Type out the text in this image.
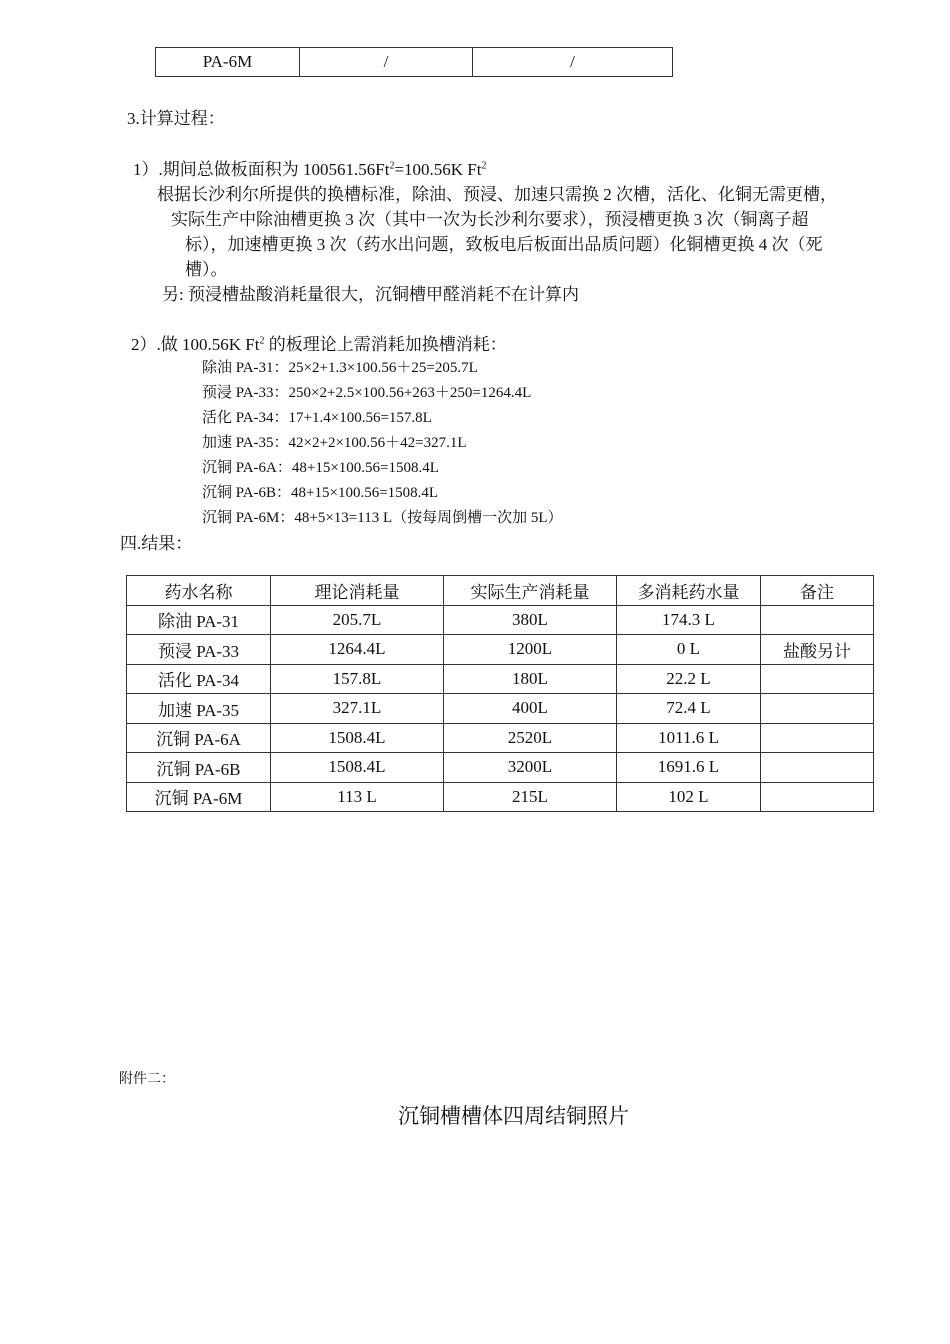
PA-6M	/	/
3.计算过程：
1）.期间总做板面积为 $100561.56Ft^2=100.56K$ Ft$^2$
根据长沙利尔所提供的换槽标准，除油、预浸、加速只需换 2 次槽，活化、化铜无需更槽，
实际生产中除油槽更换 3 次（其中一次为长沙利尔要求），预浸槽更换 3 次（铜离子超
标），加速槽更换 3 次（药水出问题，致板电后板面出品质问题）化铜槽更换 4 次（死
槽）。
另: 预浸槽盐酸消耗量很大，沉铜槽甲醛消耗不在计算内
2）.做 100.56K Ft$^2$ 的板理论上需消耗加换槽消耗：
除油 PA-31：25×2+1.3×100.56＋25=205.7L
预浸 PA-33：250×2+2.5×100.56+263＋250=1264.4L
活化 PA-34：17+1.4×100.56=157.8L
加速 PA-35：42×2+2×100.56＋42=327.1L
沉铜 PA-6A：48+15×100.56=1508.4L
沉铜 PA-6B：48+15×100.56=1508.4L
沉铜 PA-6M：48+5×13=113 L（按每周倒槽一次加 5L）
四.结果：
药水名称	理论消耗量	实际生产消耗量	多消耗药水量	备注
除油 PA-31	205.7L	380L	174.3 L	
预浸 PA-33	1264.4L	1200L	0 L	盐酸另计
活化 PA-34	157.8L	180L	22.2 L	
加速 PA-35	327.1L	400L	72.4 L	
沉铜 PA-6A	1508.4L	2520L	1011.6 L	
沉铜 PA-6B	1508.4L	3200L	1691.6 L	
沉铜 PA-6M	113 L	215L	102 L	
附件二：
沉铜槽槽体四周结铜照片
